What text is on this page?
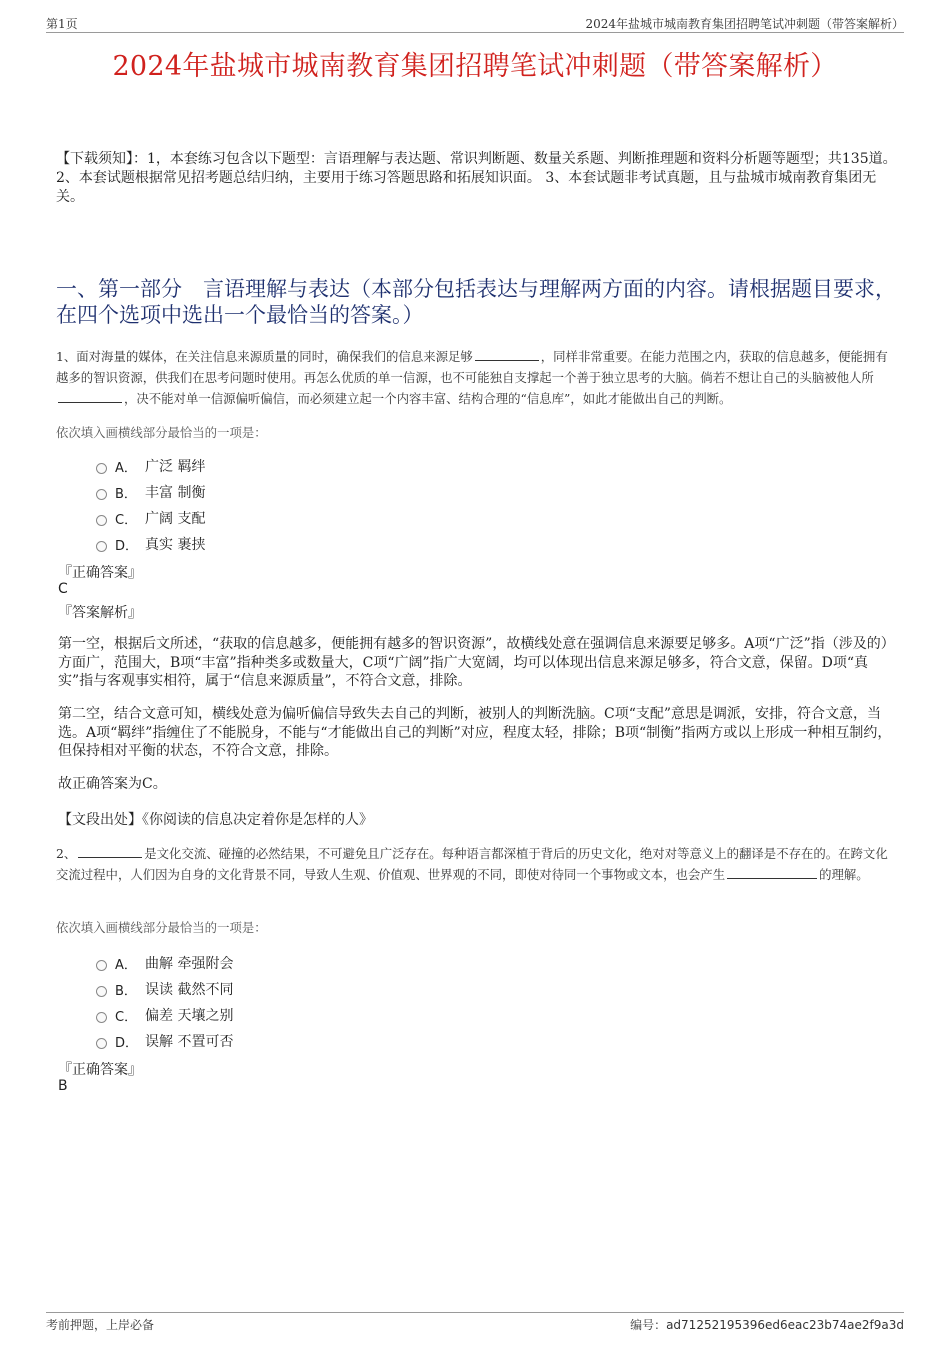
第1页	2024年盐城市城南教育集团招聘笔试冲刺题（带答案解析）
2024年盐城市城南教育集团招聘笔试冲刺题（带答案解析）
【下载须知】：1，本套练习包含以下题型：言语理解与表达题、常识判断题、数量关系题、判断推理题和资料分析题等题型；共135道。 2、本套试题根据常见招考题总结归纳，主要用于练习答题思路和拓展知识面。 3、本套试题非考试真题，且与盐城市城南教育集团无关。
一、第一部分　言语理解与表达（本部分包括表达与理解两方面的内容。请根据题目要求，在四个选项中选出一个最恰当的答案。）
1、面对海量的媒体，在关注信息来源质量的同时，确保我们的信息来源足够	，同样非常重要。在能力范围之内，获取的信息越多，便能拥有越多的智识资源，供我们在思考问题时使用。再怎么优质的单一信源，也不可能独自支撑起一个善于独立思考的大脑。倘若不想让自己的头脑被他人所，决不能对单一信源偏听偏信，而必须建立起一个内容丰富、结构合理的“信息库”，如此才能做出自己的判断。
依次填入画横线部分最恰当的一项是：
A． 广泛 羁绊
B． 丰富 制衡
C． 广阔 支配
D． 真实 裹挟
『正确答案』
C
『答案解析』
第一空，根据后文所述，“获取的信息越多，便能拥有越多的智识资源”，故横线处意在强调信息来源要足够多。A项“广泛”指（涉及的）方面广，范围大，B项“丰富”指种类多或数量大，C项“广阔”指广大宽阔，均可以体现出信息来源足够多，符合文意，保留。D项“真实”指与客观事实相符，属于“信息来源质量”，不符合文意，排除。
第二空，结合文意可知，横线处意为偏听偏信导致失去自己的判断，被别人的判断洗脑。C项“支配”意思是调派，安排，符合文意，当选。A项“羁绊”指缠住了不能脱身，不能与“才能做出自己的判断”对应，程度太轻，排除；B项“制衡”指两方或以上形成一种相互制约，但保持相对平衡的状态，不符合文意，排除。
故正确答案为C。
【文段出处】《你阅读的信息决定着你是怎样的人》
2、	是文化交流、碰撞的必然结果，不可避免且广泛存在。每种语言都深植于背后的历史文化，绝对对等意义上的翻译是不存在的。在跨文化交流过程中，人们因为自身的文化背景不同，导致人生观、价值观、世界观的不同，即使对待同一个事物或文本，也会产生	的理解。
依次填入画横线部分最恰当的一项是：
A． 曲解 牵强附会
B． 误读 截然不同
C． 偏差 天壤之别
D． 误解 不置可否
『正确答案』
B
考前押题，上岸必备	编号：ad71252195396ed6eac23b74ae2f9a3d
